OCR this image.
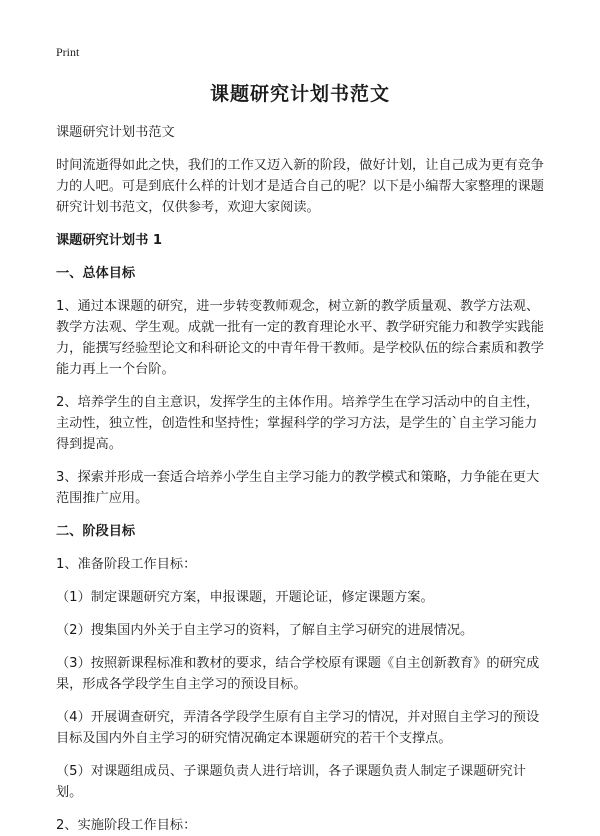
Print
课题研究计划书范文
课题研究计划书范文
时间流逝得如此之快，我们的工作又迈入新的阶段，做好计划，让自己成为更有竞争力的人吧。可是到底什么样的计划才是适合自己的呢？以下是小编帮大家整理的课题研究计划书范文，仅供参考，欢迎大家阅读。
课题研究计划书 1
一、总体目标
1、通过本课题的研究，进一步转变教师观念，树立新的教学质量观、教学方法观、教学方法观、学生观。成就一批有一定的教育理论水平、教学研究能力和教学实践能力，能撰写经验型论文和科研论文的中青年骨干教师。是学校队伍的综合素质和教学能力再上一个台阶。
2、培养学生的自主意识，发挥学生的主体作用。培养学生在学习活动中的自主性，主动性，独立性，创造性和坚持性；掌握科学的学习方法，是学生的`自主学习能力得到提高。
3、探索并形成一套适合培养小学生自主学习能力的教学模式和策略，力争能在更大范围推广应用。
二、阶段目标
1、准备阶段工作目标：
（1）制定课题研究方案，申报课题，开题论证，修定课题方案。
（2）搜集国内外关于自主学习的资料，了解自主学习研究的进展情况。
（3）按照新课程标准和教材的要求，结合学校原有课题《自主创新教育》的研究成果，形成各学段学生自主学习的预设目标。
（4）开展调查研究，弄清各学段学生原有自主学习的情况，并对照自主学习的预设目标及国内外自主学习的研究情况确定本课题研究的若干个支撑点。
（5）对课题组成员、子课题负责人进行培训，各子课题负责人制定子课题研究计划。
2、实施阶段工作目标：
